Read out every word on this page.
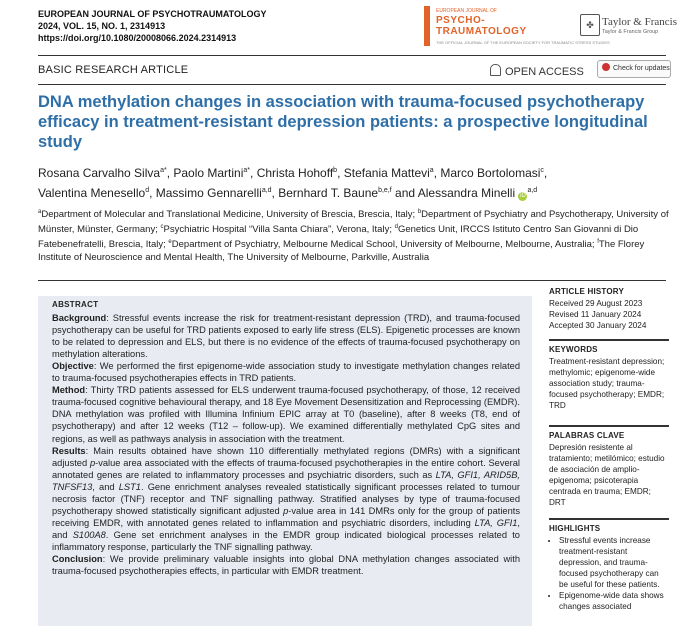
EUROPEAN JOURNAL OF PSYCHOTRAUMATOLOGY
2024, VOL. 15, NO. 1, 2314913
https://doi.org/10.1080/20008066.2024.2314913
EUROPEAN JOURNAL OF
PSYCHO-
TRAUMATOLOGY
THE OFFICIAL JOURNAL OF THE EUROPEAN SOCIETY FOR TRAUMATIC STRESS STUDIES
✤ Taylor & Francis
Taylor & Francis Group
BASIC RESEARCH ARTICLE	OPEN ACCESS	Check for updates
DNA methylation changes in association with trauma-focused psychotherapy efficacy in treatment-resistant depression patients: a prospective longitudinal study
Rosana Carvalho Silva$^{a*}$, Paolo Martini$^{a*}$, Christa Hohoff$^b$, Stefania Mattevi$^a$, Marco Bortolomasi$^c$,
Valentina Menesello$^d$, Massimo Gennarelli$^{a,d}$, Bernhard T. Baune$^{b,e,f}$ and Alessandra Minelli iD$^{a,d}$
$^a$Department of Molecular and Translational Medicine, University of Brescia, Brescia, Italy; $^b$Department of Psychiatry and Psychotherapy, University of Münster, Münster, Germany; $^c$Psychiatric Hospital “Villa Santa Chiara”, Verona, Italy; $^d$Genetics Unit, IRCCS Istituto Centro San Giovanni di Dio Fatebenefratelli, Brescia, Italy; $^e$Department of Psychiatry, Melbourne Medical School, University of Melbourne, Melbourne, Australia; $^f$The Florey Institute of Neuroscience and Mental Health, The University of Melbourne, Parkville, Australia
ABSTRACT

Background: Stressful events increase the risk for treatment-resistant depression (TRD), and trauma-focused psychotherapy can be useful for TRD patients exposed to early life stress (ELS). Epigenetic processes are known to be related to depression and ELS, but there is no evidence of the effects of trauma-focused psychotherapy on methylation alterations.

Objective: We performed the first epigenome-wide association study to investigate methylation changes related to trauma-focused psychotherapies effects in TRD patients.

Method: Thirty TRD patients assessed for ELS underwent trauma-focused psychotherapy, of those, 12 received trauma-focused cognitive behavioural therapy, and 18 Eye Movement Desensitization and Reprocessing (EMDR). DNA methylation was profiled with Illumina Infinium EPIC array at T0 (baseline), after 8 weeks (T8, end of psychotherapy) and after 12 weeks (T12 – follow-up). We examined differentially methylated CpG sites and regions, as well as pathways analysis in association with the treatment.

Results: Main results obtained have shown 110 differentially methylated regions (DMRs) with a significant adjusted p-value area associated with the effects of trauma-focused psychotherapies in the entire cohort. Several annotated genes are related to inflammatory processes and psychiatric disorders, such as LTA, GFI1, ARID5B, TNFSF13, and LST1. Gene enrichment analyses revealed statistically significant processes related to tumour necrosis factor (TNF) receptor and TNF signalling pathway. Stratified analyses by type of trauma-focused psychotherapy showed statistically significant adjusted p-value area in 141 DMRs only for the group of patients receiving EMDR, with annotated genes related to inflammation and psychiatric disorders, including LTA, GFI1, and S100A8. Gene set enrichment analyses in the EMDR group indicated biological processes related to inflammatory response, particularly the TNF signalling pathway.

Conclusion: We provide preliminary valuable insights into global DNA methylation changes associated with trauma-focused psychotherapies effects, in particular with EMDR treatment.

ARTICLE HISTORY
Received 29 August 2023
Revised 11 January 2024
Accepted 30 January 2024
KEYWORDS
Treatment-resistant depression; methylomic; epigenome-wide association study; trauma-focused psychotherapy; EMDR; TRD
PALABRAS CLAVE
Depresión resistente al tratamiento; metilómico; estudio de asociación de amplio-epigenoma; psicoterapia centrada en trauma; EMDR; DRT
HIGHLIGHTS
• Stressful events increase treatment-resistant depression, and trauma-focused psychotherapy can be useful for these patients.
• Epigenome-wide data shows changes associated
